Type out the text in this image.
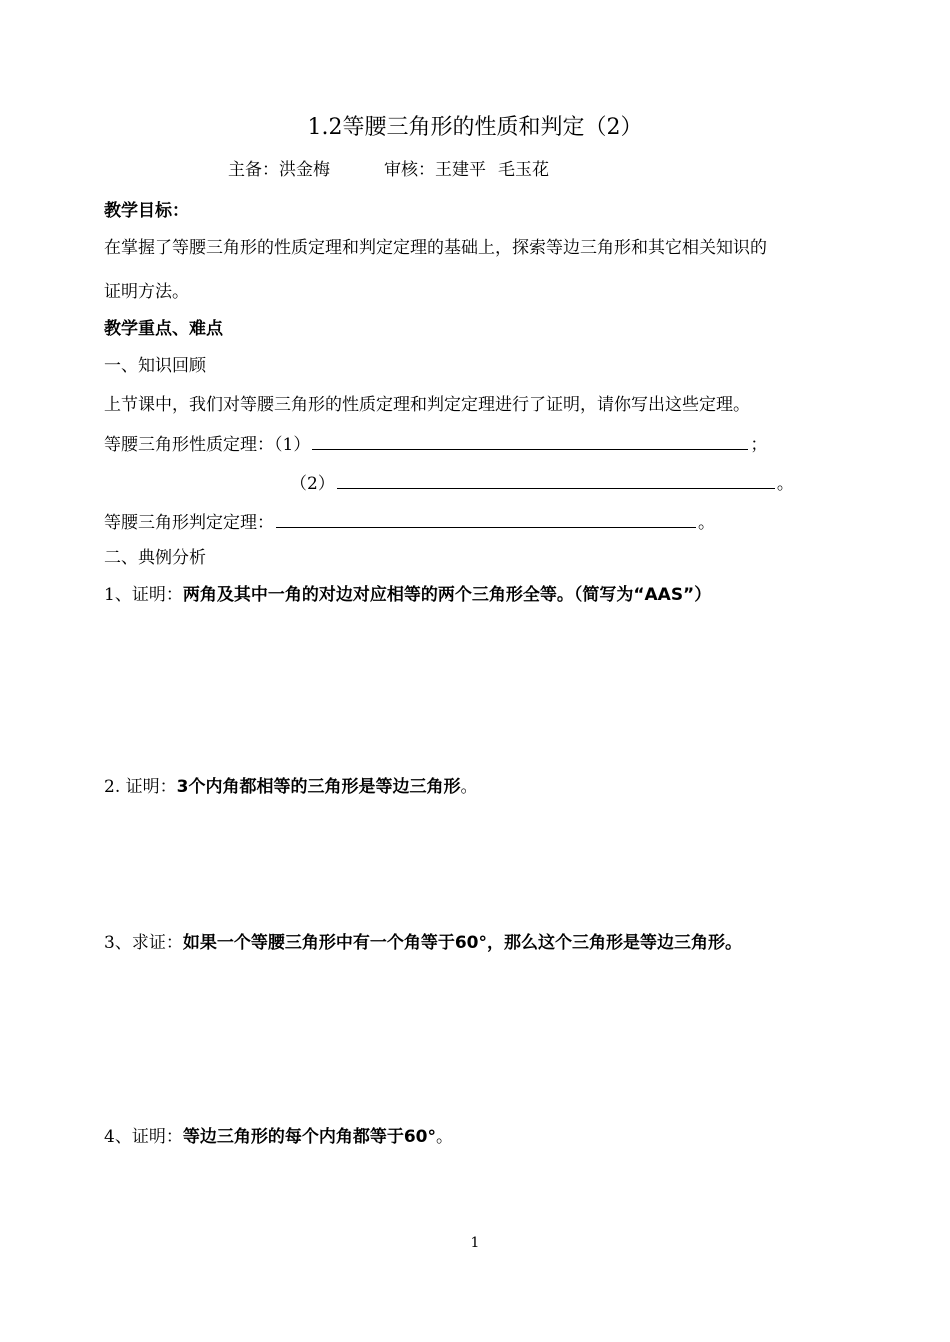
1.2等腰三角形的性质和判定（2）
主备：洪金梅	审核：王建平 毛玉花
教学目标：
在掌握了等腰三角形的性质定理和判定定理的基础上，探索等边三角形和其它相关知识的
证明方法。
教学重点、难点
一、知识回顾
上节课中，我们对等腰三角形的性质定理和判定定理进行了证明，请你写出这些定理。
等腰三角形性质定理：（1）	；
（2）	。
等腰三角形判定定理：	。
二、典例分析
1、证明：两角及其中一角的对边对应相等的两个三角形全等。（简写为“AAS”）
2. 证明：3个内角都相等的三角形是等边三角形。
3、求证：如果一个等腰三角形中有一个角等于60°，那么这个三角形是等边三角形。
4、证明：等边三角形的每个内角都等于60°。
1
